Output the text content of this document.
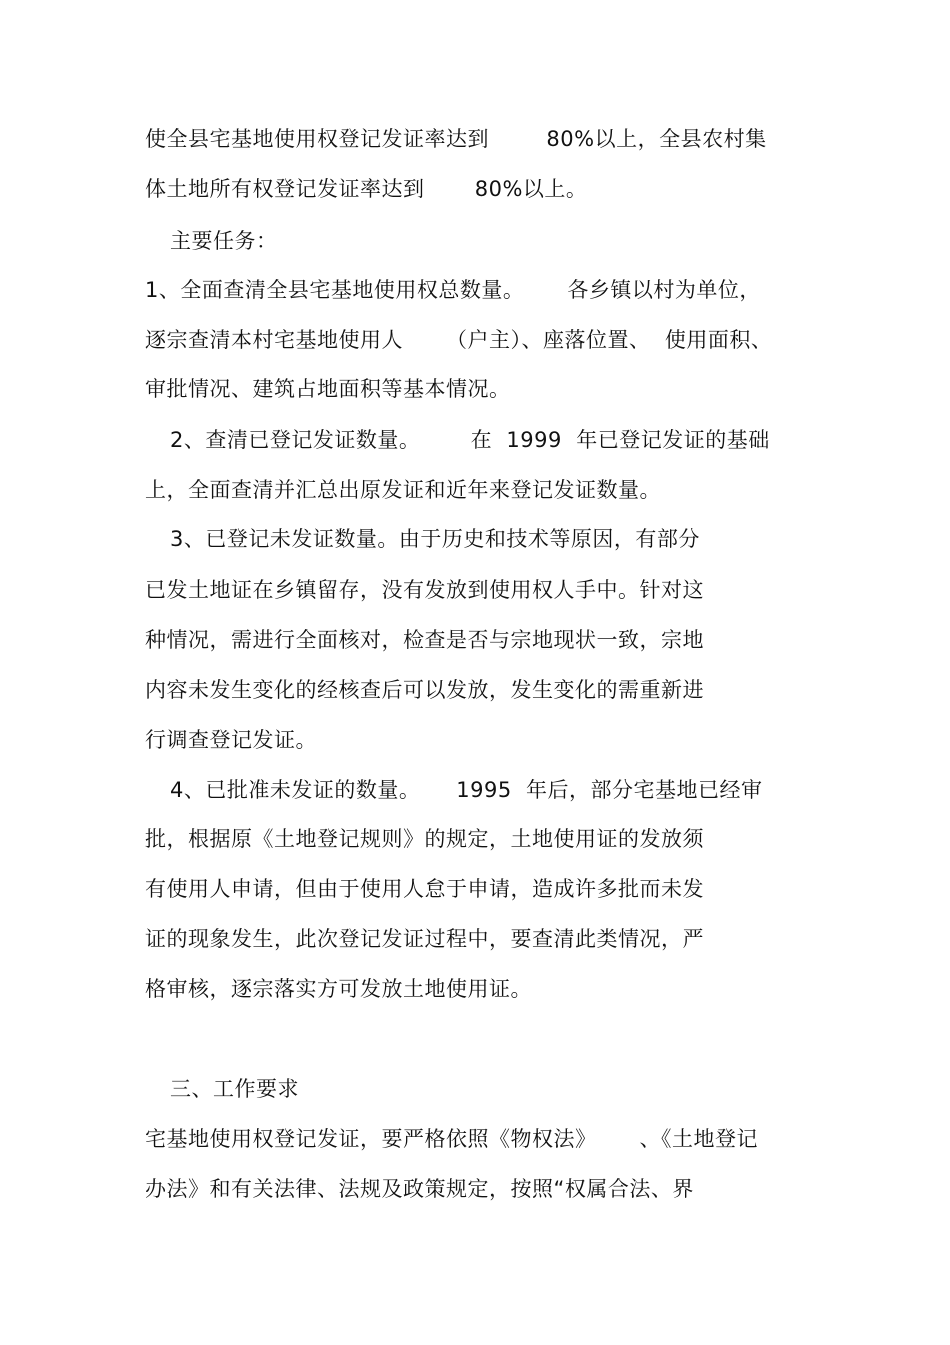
使全县宅基地使用权登记发证率达到        80%以上，全县农村集
体土地所有权登记发证率达到       80%以上。
主要任务：
1、全面查清全县宅基地使用权总数量。      各乡镇以村为单位，
逐宗查清本村宅基地使用人      （户主）、座落位置、  使用面积、
审批情况、建筑占地面积等基本情况。
2、查清已登记发证数量。       在  1999  年已登记发证的基础
上，全面查清并汇总出原发证和近年来登记发证数量。
3、已登记未发证数量。由于历史和技术等原因，有部分
已发土地证在乡镇留存，没有发放到使用权人手中。针对这
种情况，需进行全面核对，检查是否与宗地现状一致，宗地
内容未发生变化的经核查后可以发放，发生变化的需重新进
行调查登记发证。
4、已批准未发证的数量。     1995  年后，部分宅基地已经审
批，根据原《土地登记规则》的规定，土地使用证的发放须
有使用人申请，但由于使用人怠于申请，造成许多批而未发
证的现象发生，此次登记发证过程中，要查清此类情况，严
格审核，逐宗落实方可发放土地使用证。
三、工作要求
宅基地使用权登记发证，要严格依照《物权法》      、《土地登记
办法》和有关法律、法规及政策规定，按照“权属合法、界
